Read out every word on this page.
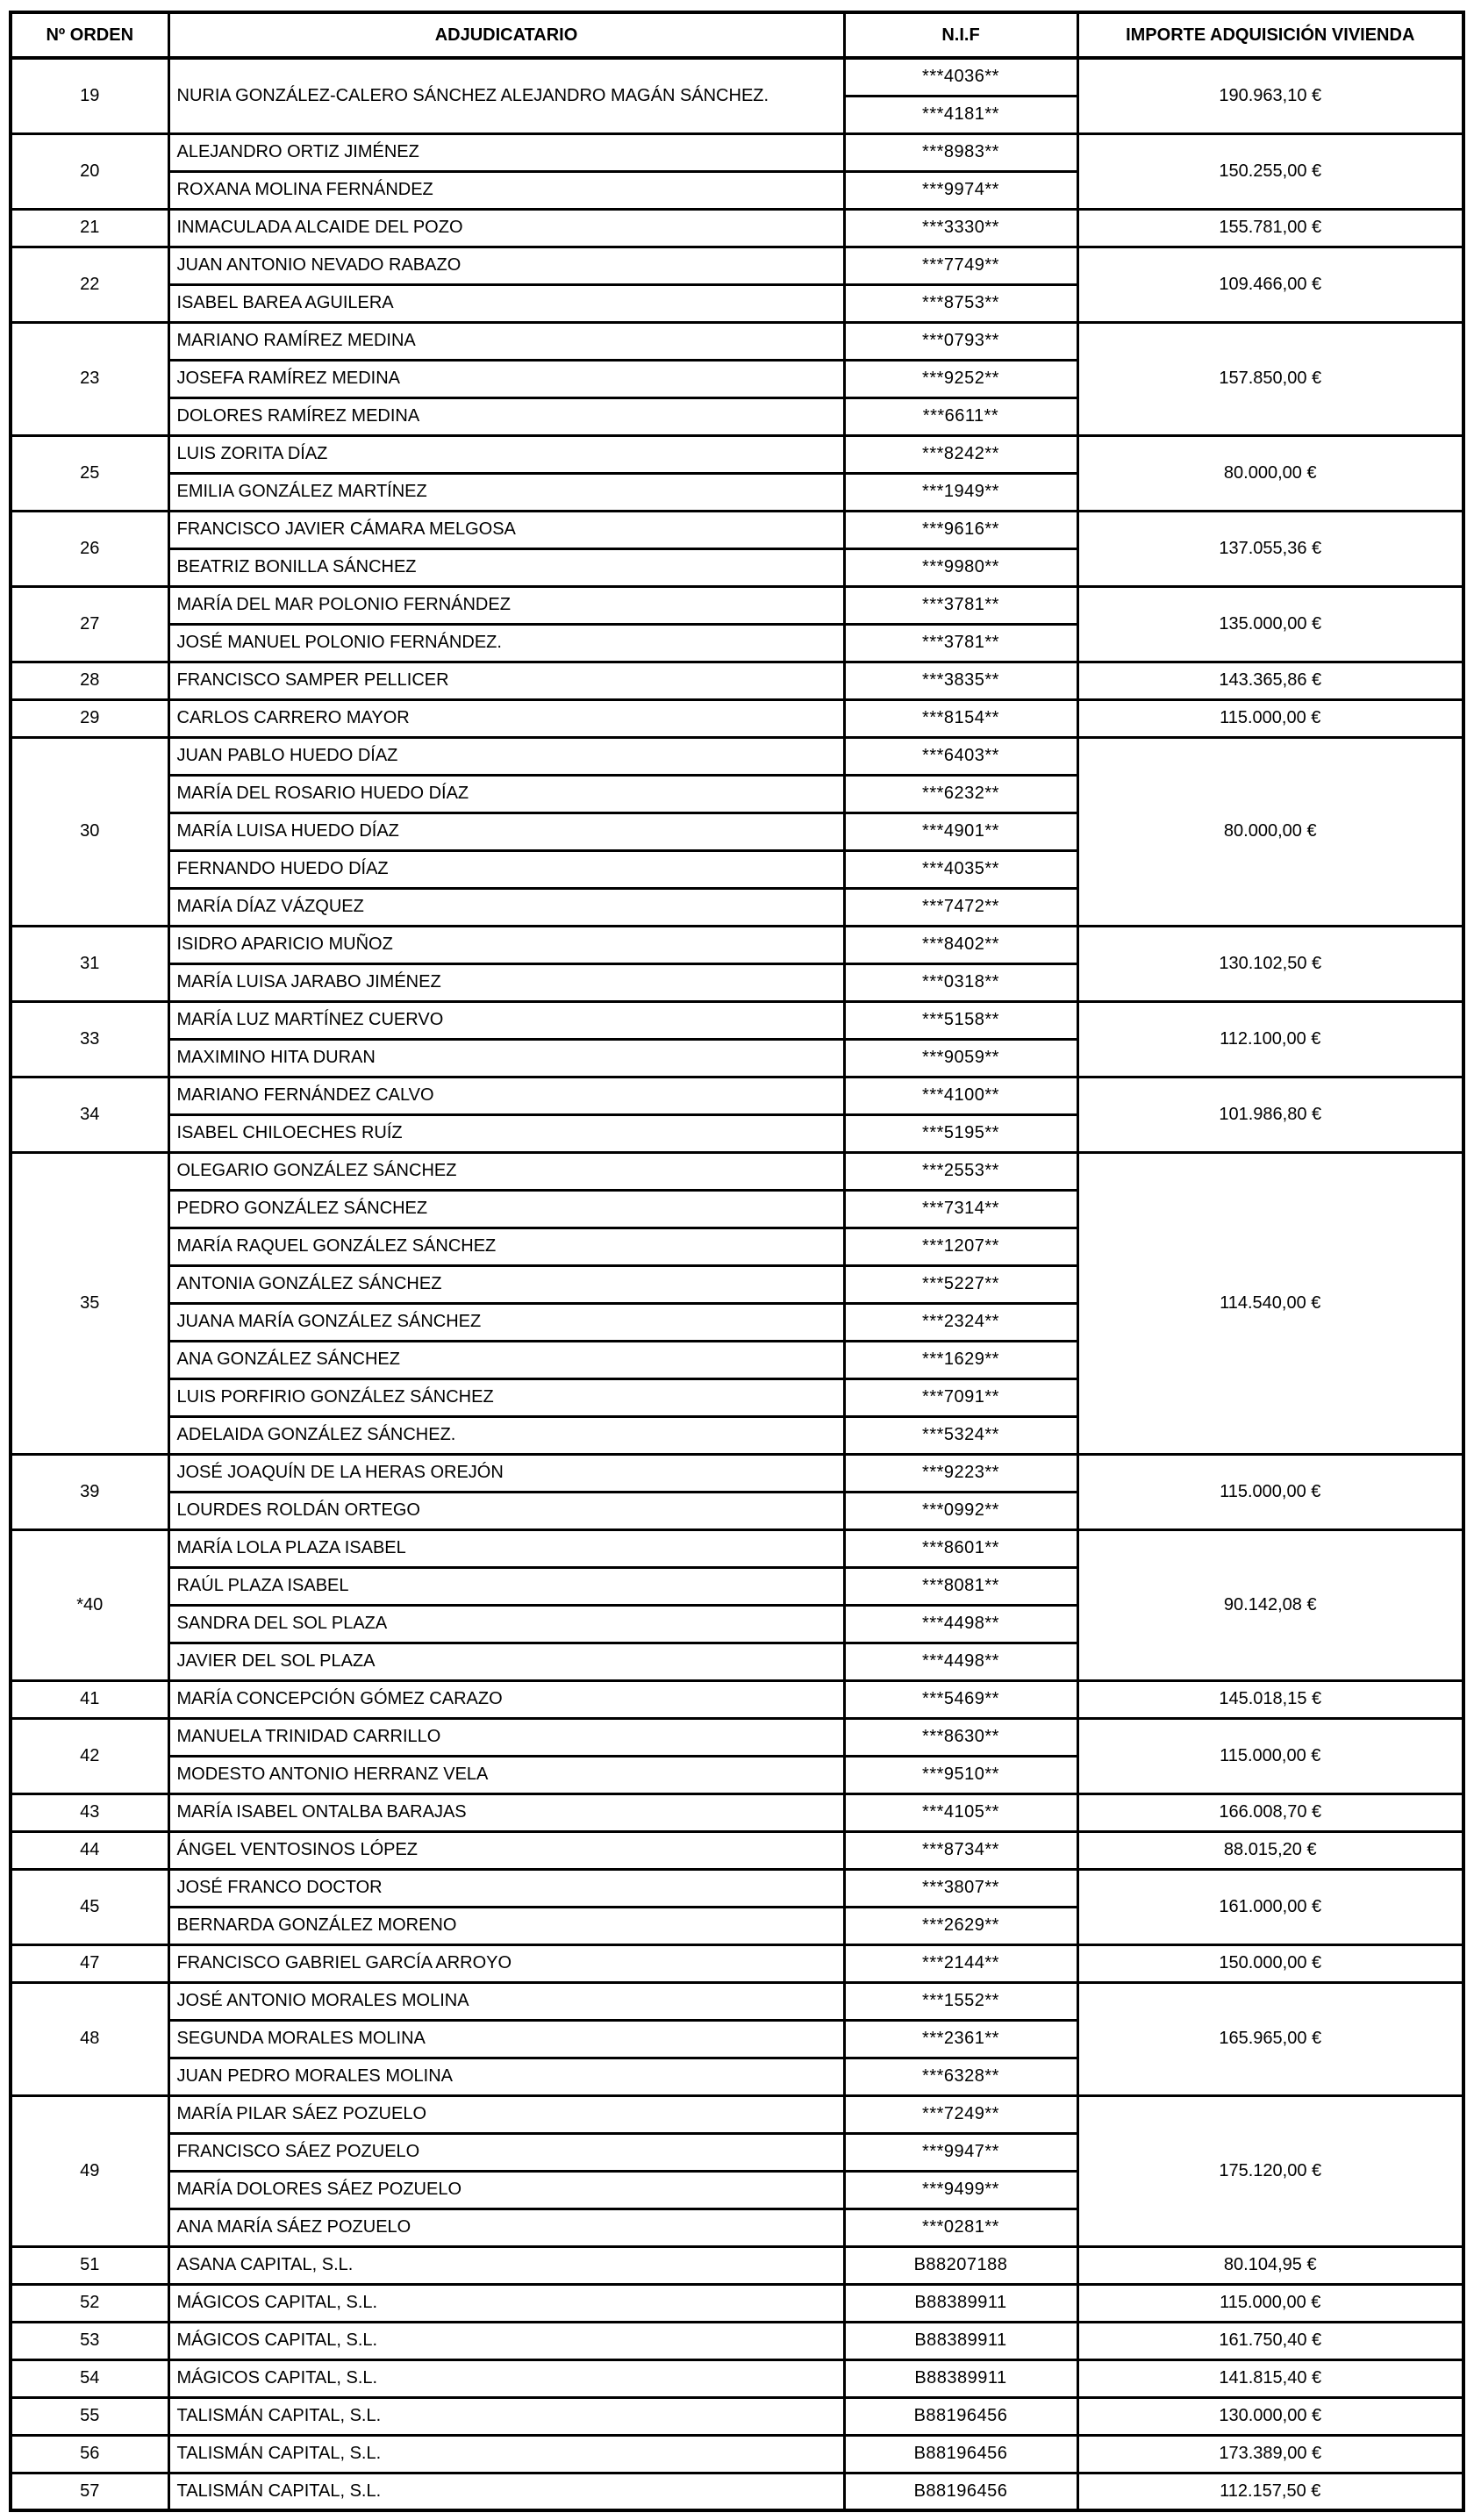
Nº ORDEN	ADJUDICATARIO	N.I.F	IMPORTE ADQUISICIÓN VIVIENDA
19	NURIA GONZÁLEZ-CALERO SÁNCHEZ ALEJANDRO MAGÁN SÁNCHEZ.	***4036**	190.963,10 €
		***4181**	
20	ALEJANDRO ORTIZ JIMÉNEZ	***8983**	150.255,00 €
	ROXANA MOLINA FERNÁNDEZ	***9974**	
21	INMACULADA ALCAIDE DEL POZO	***3330**	155.781,00 €
22	JUAN ANTONIO NEVADO RABAZO	***7749**	109.466,00 €
	ISABEL BAREA AGUILERA	***8753**	
23	MARIANO RAMÍREZ MEDINA	***0793**	157.850,00 €
	JOSEFA RAMÍREZ MEDINA	***9252**	
	DOLORES RAMÍREZ MEDINA	***6611**	
25	LUIS ZORITA DÍAZ	***8242**	80.000,00 €
	EMILIA GONZÁLEZ MARTÍNEZ	***1949**	
26	FRANCISCO JAVIER CÁMARA MELGOSA	***9616**	137.055,36 €
	BEATRIZ BONILLA SÁNCHEZ	***9980**	
27	MARÍA DEL MAR POLONIO FERNÁNDEZ	***3781**	135.000,00 €
	JOSÉ MANUEL POLONIO FERNÁNDEZ.	***3781**	
28	FRANCISCO SAMPER PELLICER	***3835**	143.365,86 €
29	CARLOS CARRERO MAYOR	***8154**	115.000,00 €
30	JUAN PABLO HUEDO DÍAZ	***6403**	80.000,00 €
	MARÍA DEL ROSARIO HUEDO DÍAZ	***6232**	
	MARÍA LUISA HUEDO DÍAZ	***4901**	
	FERNANDO HUEDO DÍAZ	***4035**	
	MARÍA DÍAZ VÁZQUEZ	***7472**	
31	ISIDRO APARICIO MUÑOZ	***8402**	130.102,50 €
	MARÍA LUISA JARABO JIMÉNEZ	***0318**	
33	MARÍA LUZ MARTÍNEZ CUERVO	***5158**	112.100,00 €
	MAXIMINO HITA DURAN	***9059**	
34	MARIANO FERNÁNDEZ CALVO	***4100**	101.986,80 €
	ISABEL CHILOECHES RUÍZ	***5195**	
35	OLEGARIO GONZÁLEZ SÁNCHEZ	***2553**	114.540,00 €
	PEDRO GONZÁLEZ SÁNCHEZ	***7314**	
	MARÍA RAQUEL GONZÁLEZ SÁNCHEZ	***1207**	
	ANTONIA GONZÁLEZ SÁNCHEZ	***5227**	
	JUANA MARÍA GONZÁLEZ SÁNCHEZ	***2324**	
	ANA GONZÁLEZ SÁNCHEZ	***1629**	
	LUIS PORFIRIO GONZÁLEZ SÁNCHEZ	***7091**	
	ADELAIDA GONZÁLEZ SÁNCHEZ.	***5324**	
39	JOSÉ JOAQUÍN DE LA HERAS OREJÓN	***9223**	115.000,00 €
	LOURDES ROLDÁN ORTEGO	***0992**	
*40	MARÍA LOLA PLAZA ISABEL	***8601**	90.142,08 €
	RAÚL PLAZA ISABEL	***8081**	
	SANDRA DEL SOL PLAZA	***4498**	
	JAVIER DEL SOL PLAZA	***4498**	
41	MARÍA CONCEPCIÓN GÓMEZ CARAZO	***5469**	145.018,15 €
42	MANUELA TRINIDAD CARRILLO	***8630**	115.000,00 €
	MODESTO ANTONIO HERRANZ VELA	***9510**	
43	MARÍA ISABEL ONTALBA BARAJAS	***4105**	166.008,70 €
44	ÁNGEL VENTOSINOS LÓPEZ	***8734**	88.015,20 €
45	JOSÉ FRANCO DOCTOR	***3807**	161.000,00 €
	BERNARDA GONZÁLEZ MORENO	***2629**	
47	FRANCISCO GABRIEL GARCÍA ARROYO	***2144**	150.000,00 €
48	JOSÉ ANTONIO MORALES MOLINA	***1552**	165.965,00 €
	SEGUNDA MORALES MOLINA	***2361**	
	JUAN PEDRO MORALES MOLINA	***6328**	
49	MARÍA PILAR SÁEZ POZUELO	***7249**	175.120,00 €
	FRANCISCO SÁEZ POZUELO	***9947**	
	MARÍA DOLORES SÁEZ POZUELO	***9499**	
	ANA MARÍA SÁEZ POZUELO	***0281**	
51	ASANA CAPITAL, S.L.	B88207188	80.104,95 €
52	MÁGICOS CAPITAL, S.L.	B88389911	115.000,00 €
53	MÁGICOS CAPITAL, S.L.	B88389911	161.750,40 €
54	MÁGICOS CAPITAL, S.L.	B88389911	141.815,40 €
55	TALISMÁN CAPITAL, S.L.	B88196456	130.000,00 €
56	TALISMÁN CAPITAL, S.L.	B88196456	173.389,00 €
57	TALISMÁN CAPITAL, S.L.	B88196456	112.157,50 €
